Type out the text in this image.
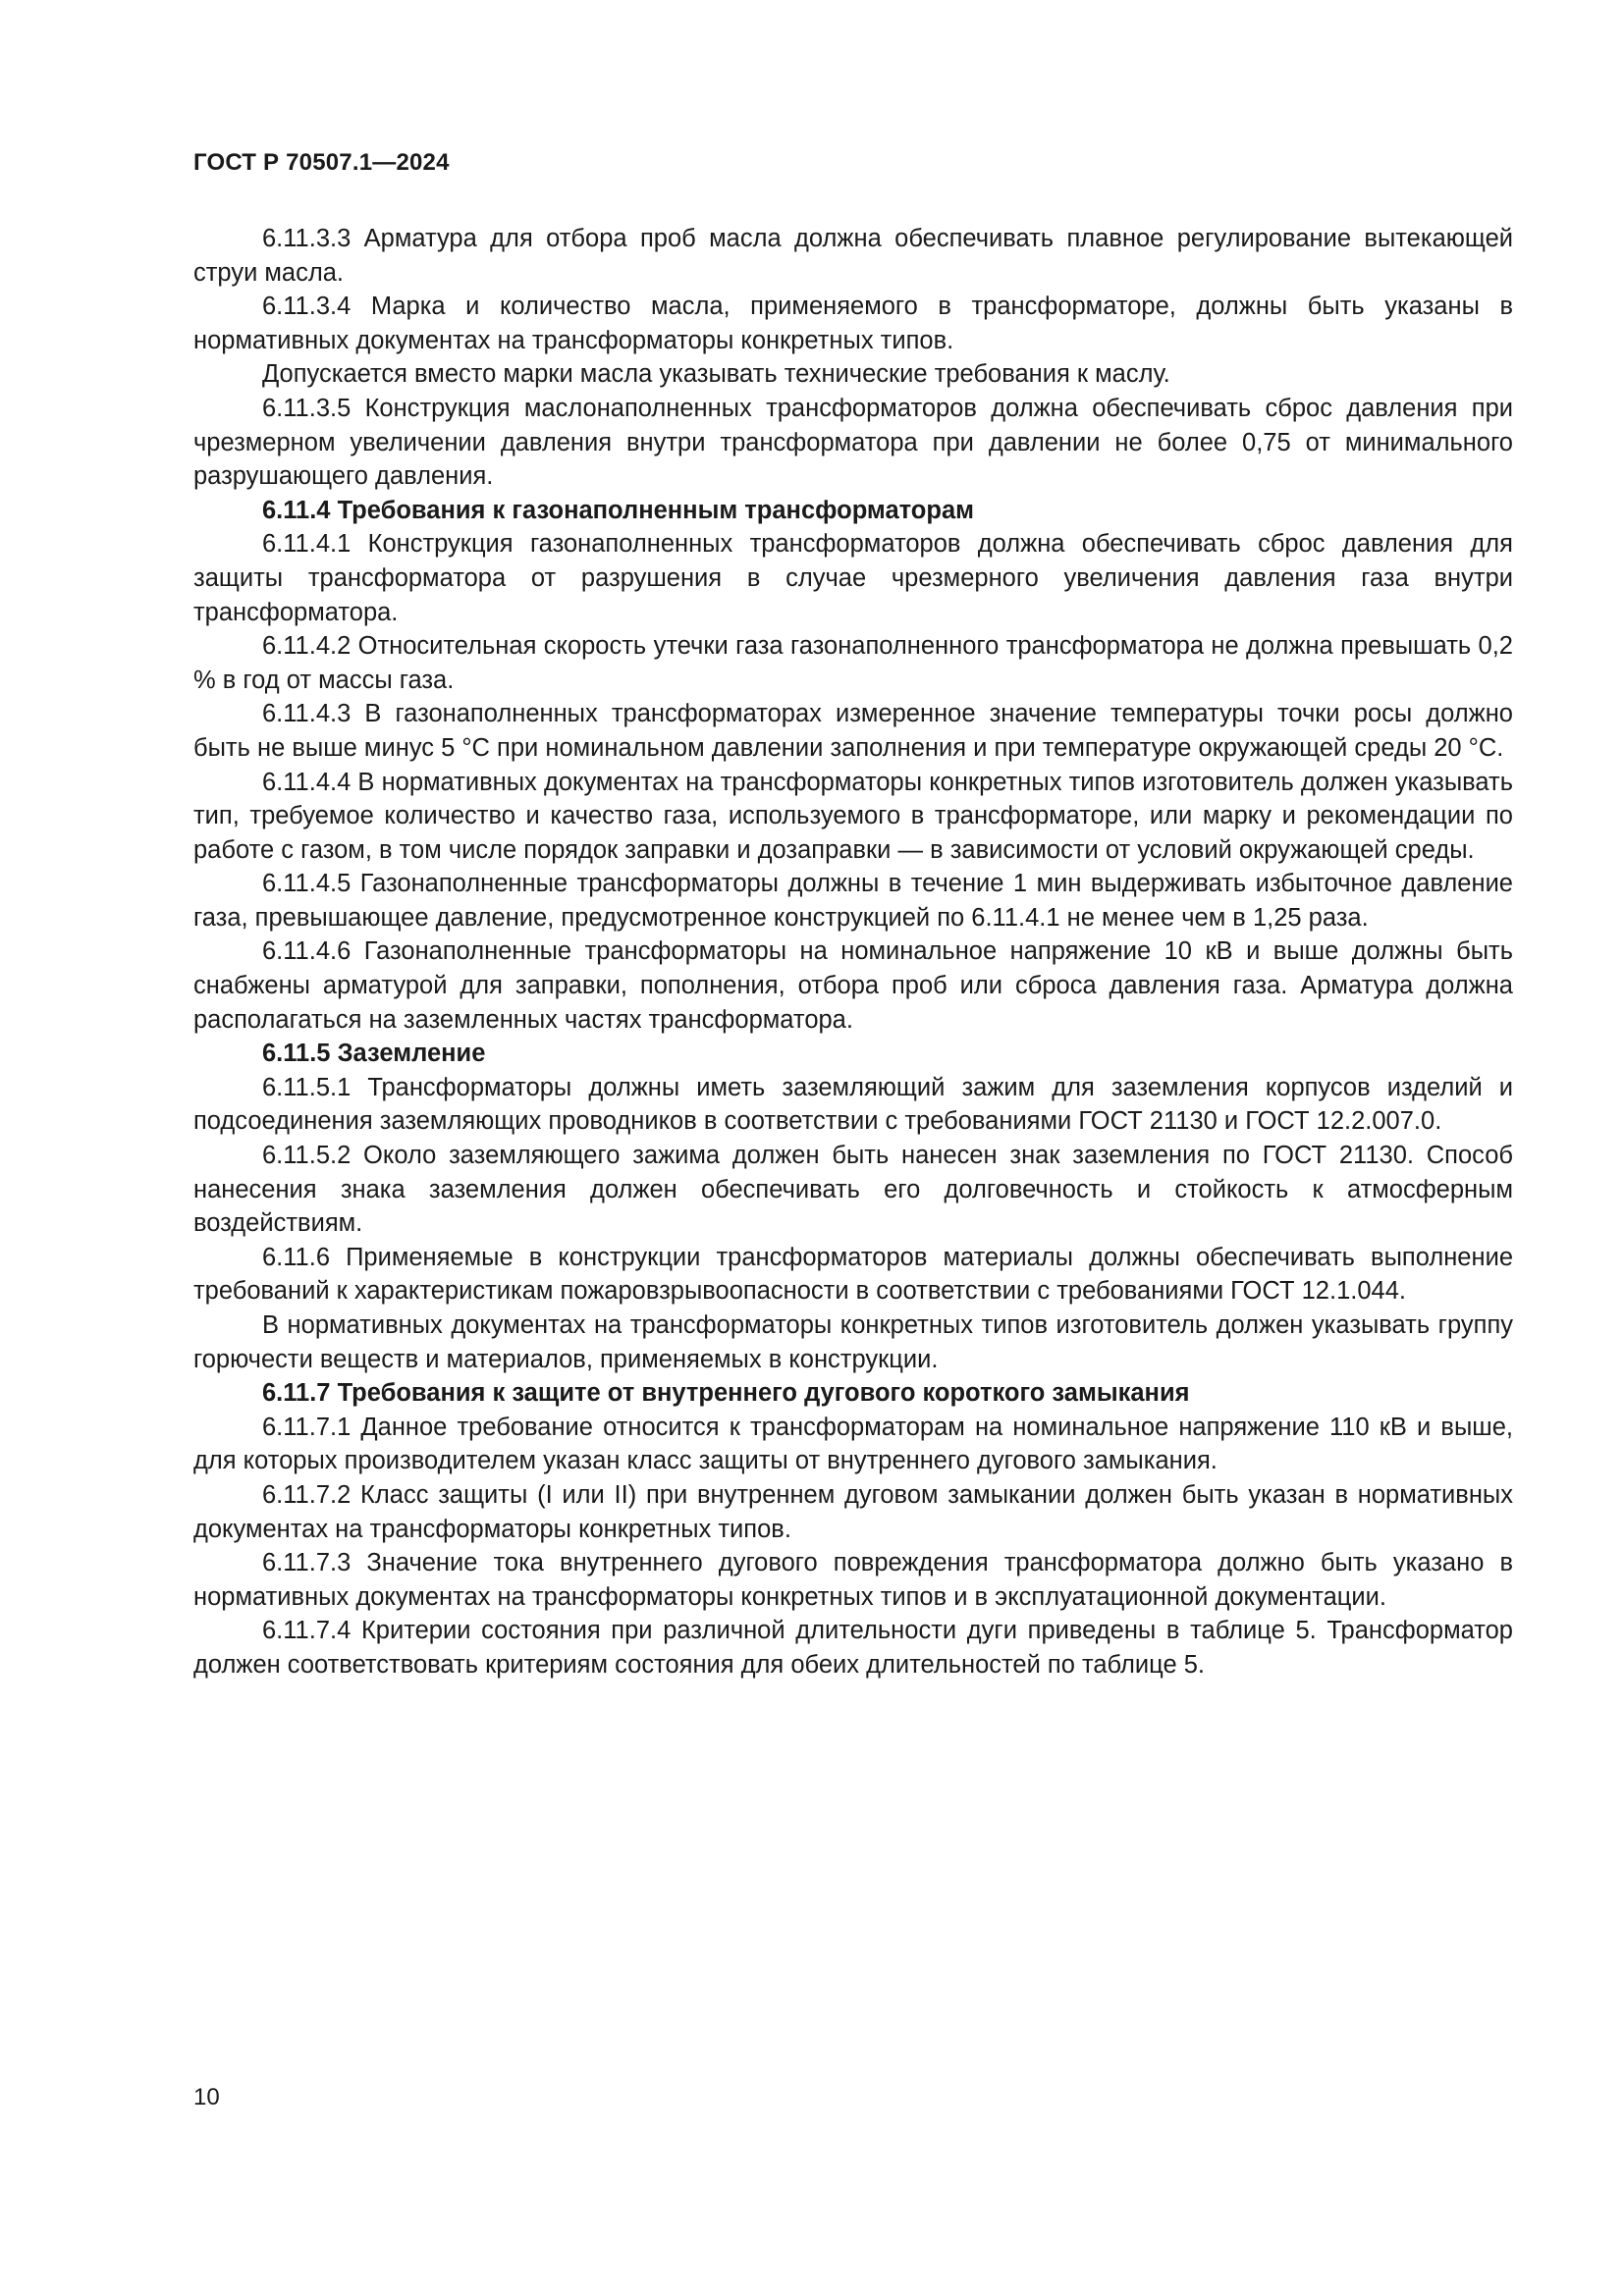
ГОСТ Р 70507.1—2024

6.11.3.3 Арматура для отбора проб масла должна обеспечивать плавное регулирование вытекающей струи масла.

6.11.3.4 Марка и количество масла, применяемого в трансформаторе, должны быть указаны в нормативных документах на трансформаторы конкретных типов.

Допускается вместо марки масла указывать технические требования к маслу.

6.11.3.5 Конструкция маслонаполненных трансформаторов должна обеспечивать сброс давления при чрезмерном увеличении давления внутри трансформатора при давлении не более 0,75 от минимального разрушающего давления.

6.11.4 Требования к газонаполненным трансформаторам

6.11.4.1 Конструкция газонаполненных трансформаторов должна обеспечивать сброс давления для защиты трансформатора от разрушения в случае чрезмерного увеличения давления газа внутри трансформатора.

6.11.4.2 Относительная скорость утечки газа газонаполненного трансформатора не должна превышать 0,2 % в год от массы газа.

6.11.4.3 В газонаполненных трансформаторах измеренное значение температуры точки росы должно быть не выше минус 5 °С при номинальном давлении заполнения и при температуре окружающей среды 20 °С.

6.11.4.4 В нормативных документах на трансформаторы конкретных типов изготовитель должен указывать тип, требуемое количество и качество газа, используемого в трансформаторе, или марку и рекомендации по работе с газом, в том числе порядок заправки и дозаправки — в зависимости от условий окружающей среды.

6.11.4.5 Газонаполненные трансформаторы должны в течение 1 мин выдерживать избыточное давление газа, превышающее давление, предусмотренное конструкцией по 6.11.4.1 не менее чем в 1,25 раза.

6.11.4.6 Газонаполненные трансформаторы на номинальное напряжение 10 кВ и выше должны быть снабжены арматурой для заправки, пополнения, отбора проб или сброса давления газа. Арматура должна располагаться на заземленных частях трансформатора.

6.11.5 Заземление

6.11.5.1 Трансформаторы должны иметь заземляющий зажим для заземления корпусов изделий и подсоединения заземляющих проводников в соответствии с требованиями ГОСТ 21130 и ГОСТ 12.2.007.0.

6.11.5.2 Около заземляющего зажима должен быть нанесен знак заземления по ГОСТ 21130. Способ нанесения знака заземления должен обеспечивать его долговечность и стойкость к атмосферным воздействиям.

6.11.6 Применяемые в конструкции трансформаторов материалы должны обеспечивать выполнение требований к характеристикам пожаровзрывоопасности в соответствии с требованиями ГОСТ 12.1.044.

В нормативных документах на трансформаторы конкретных типов изготовитель должен указывать группу горючести веществ и материалов, применяемых в конструкции.

6.11.7 Требования к защите от внутреннего дугового короткого замыкания

6.11.7.1 Данное требование относится к трансформаторам на номинальное напряжение 110 кВ и выше, для которых производителем указан класс защиты от внутреннего дугового замыкания.

6.11.7.2 Класс защиты (I или II) при внутреннем дуговом замыкании должен быть указан в нормативных документах на трансформаторы конкретных типов.

6.11.7.3 Значение тока внутреннего дугового повреждения трансформатора должно быть указано в нормативных документах на трансформаторы конкретных типов и в эксплуатационной документации.

6.11.7.4 Критерии состояния при различной длительности дуги приведены в таблице 5. Трансформатор должен соответствовать критериям состояния для обеих длительностей по таблице 5.

10
